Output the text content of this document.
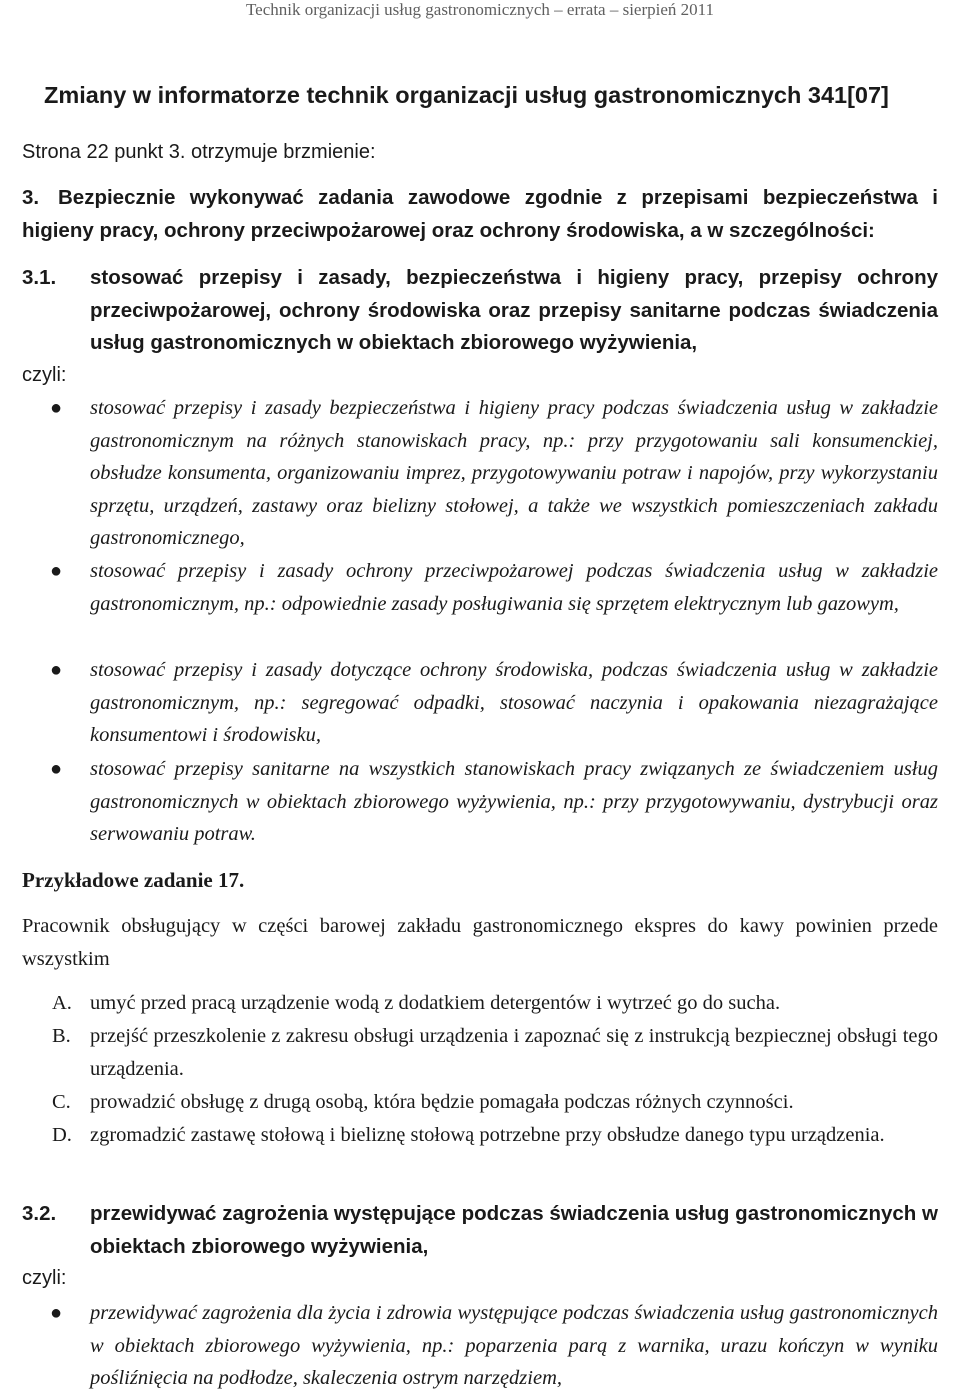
Technik organizacji usług gastronomicznych – errata – sierpień 2011
Zmiany w informatorze technik organizacji usług gastronomicznych 341[07]
Strona 22 punkt 3. otrzymuje brzmienie:
3. Bezpiecznie wykonywać zadania zawodowe zgodnie z przepisami bezpieczeństwa i higieny pracy, ochrony przeciwpożarowej oraz ochrony środowiska, a w szczególności:
3.1.	stosować przepisy i zasady, bezpieczeństwa i higieny pracy, przepisy ochrony przeciwpożarowej, ochrony środowiska oraz przepisy sanitarne podczas świadczenia usług gastronomicznych w obiektach zbiorowego wyżywienia,
czyli:
● stosować przepisy i zasady bezpieczeństwa i higieny pracy podczas świadczenia usług w zakładzie gastronomicznym na różnych stanowiskach pracy, np.: przy przygotowaniu sali konsumenckiej, obsłudze konsumenta, organizowaniu imprez, przygotowywaniu potraw i napojów, przy wykorzystaniu sprzętu, urządzeń, zastawy oraz bielizny stołowej, a także we wszystkich pomieszczeniach zakładu gastronomicznego,
● stosować przepisy i zasady ochrony przeciwpożarowej podczas świadczenia usług w zakładzie gastronomicznym, np.: odpowiednie zasady posługiwania się sprzętem elektrycznym lub gazowym,
● stosować przepisy i zasady dotyczące ochrony środowiska, podczas świadczenia usług w zakładzie gastronomicznym, np.: segregować odpadki, stosować naczynia i opakowania niezagrażające konsumentowi i środowisku,
● stosować przepisy sanitarne na wszystkich stanowiskach pracy związanych ze świadczeniem usług gastronomicznych w obiektach zbiorowego wyżywienia, np.: przy przygotowywaniu, dystrybucji oraz serwowaniu potraw.
Przykładowe zadanie 17.
Pracownik obsługujący w części barowej zakładu gastronomicznego ekspres do kawy powinien przede wszystkim
A. umyć przed pracą urządzenie wodą z dodatkiem detergentów i wytrzeć go do sucha.
B. przejść przeszkolenie z zakresu obsługi urządzenia i zapoznać się z instrukcją bezpiecznej obsługi tego urządzenia.
C. prowadzić obsługę z drugą osobą, która będzie pomagała podczas różnych czynności.
D. zgromadzić zastawę stołową i bieliznę stołową potrzebne przy obsłudze danego typu urządzenia.
3.2.	przewidywać zagrożenia występujące podczas świadczenia usług gastronomicznych w obiektach zbiorowego wyżywienia,
czyli:
● przewidywać zagrożenia dla życia i zdrowia występujące podczas świadczenia usług gastronomicznych w obiektach zbiorowego wyżywienia, np.: poparzenia parą z warnika, urazu kończyn w wyniku pośliźnięcia na podłodze, skaleczenia ostrym narzędziem,
